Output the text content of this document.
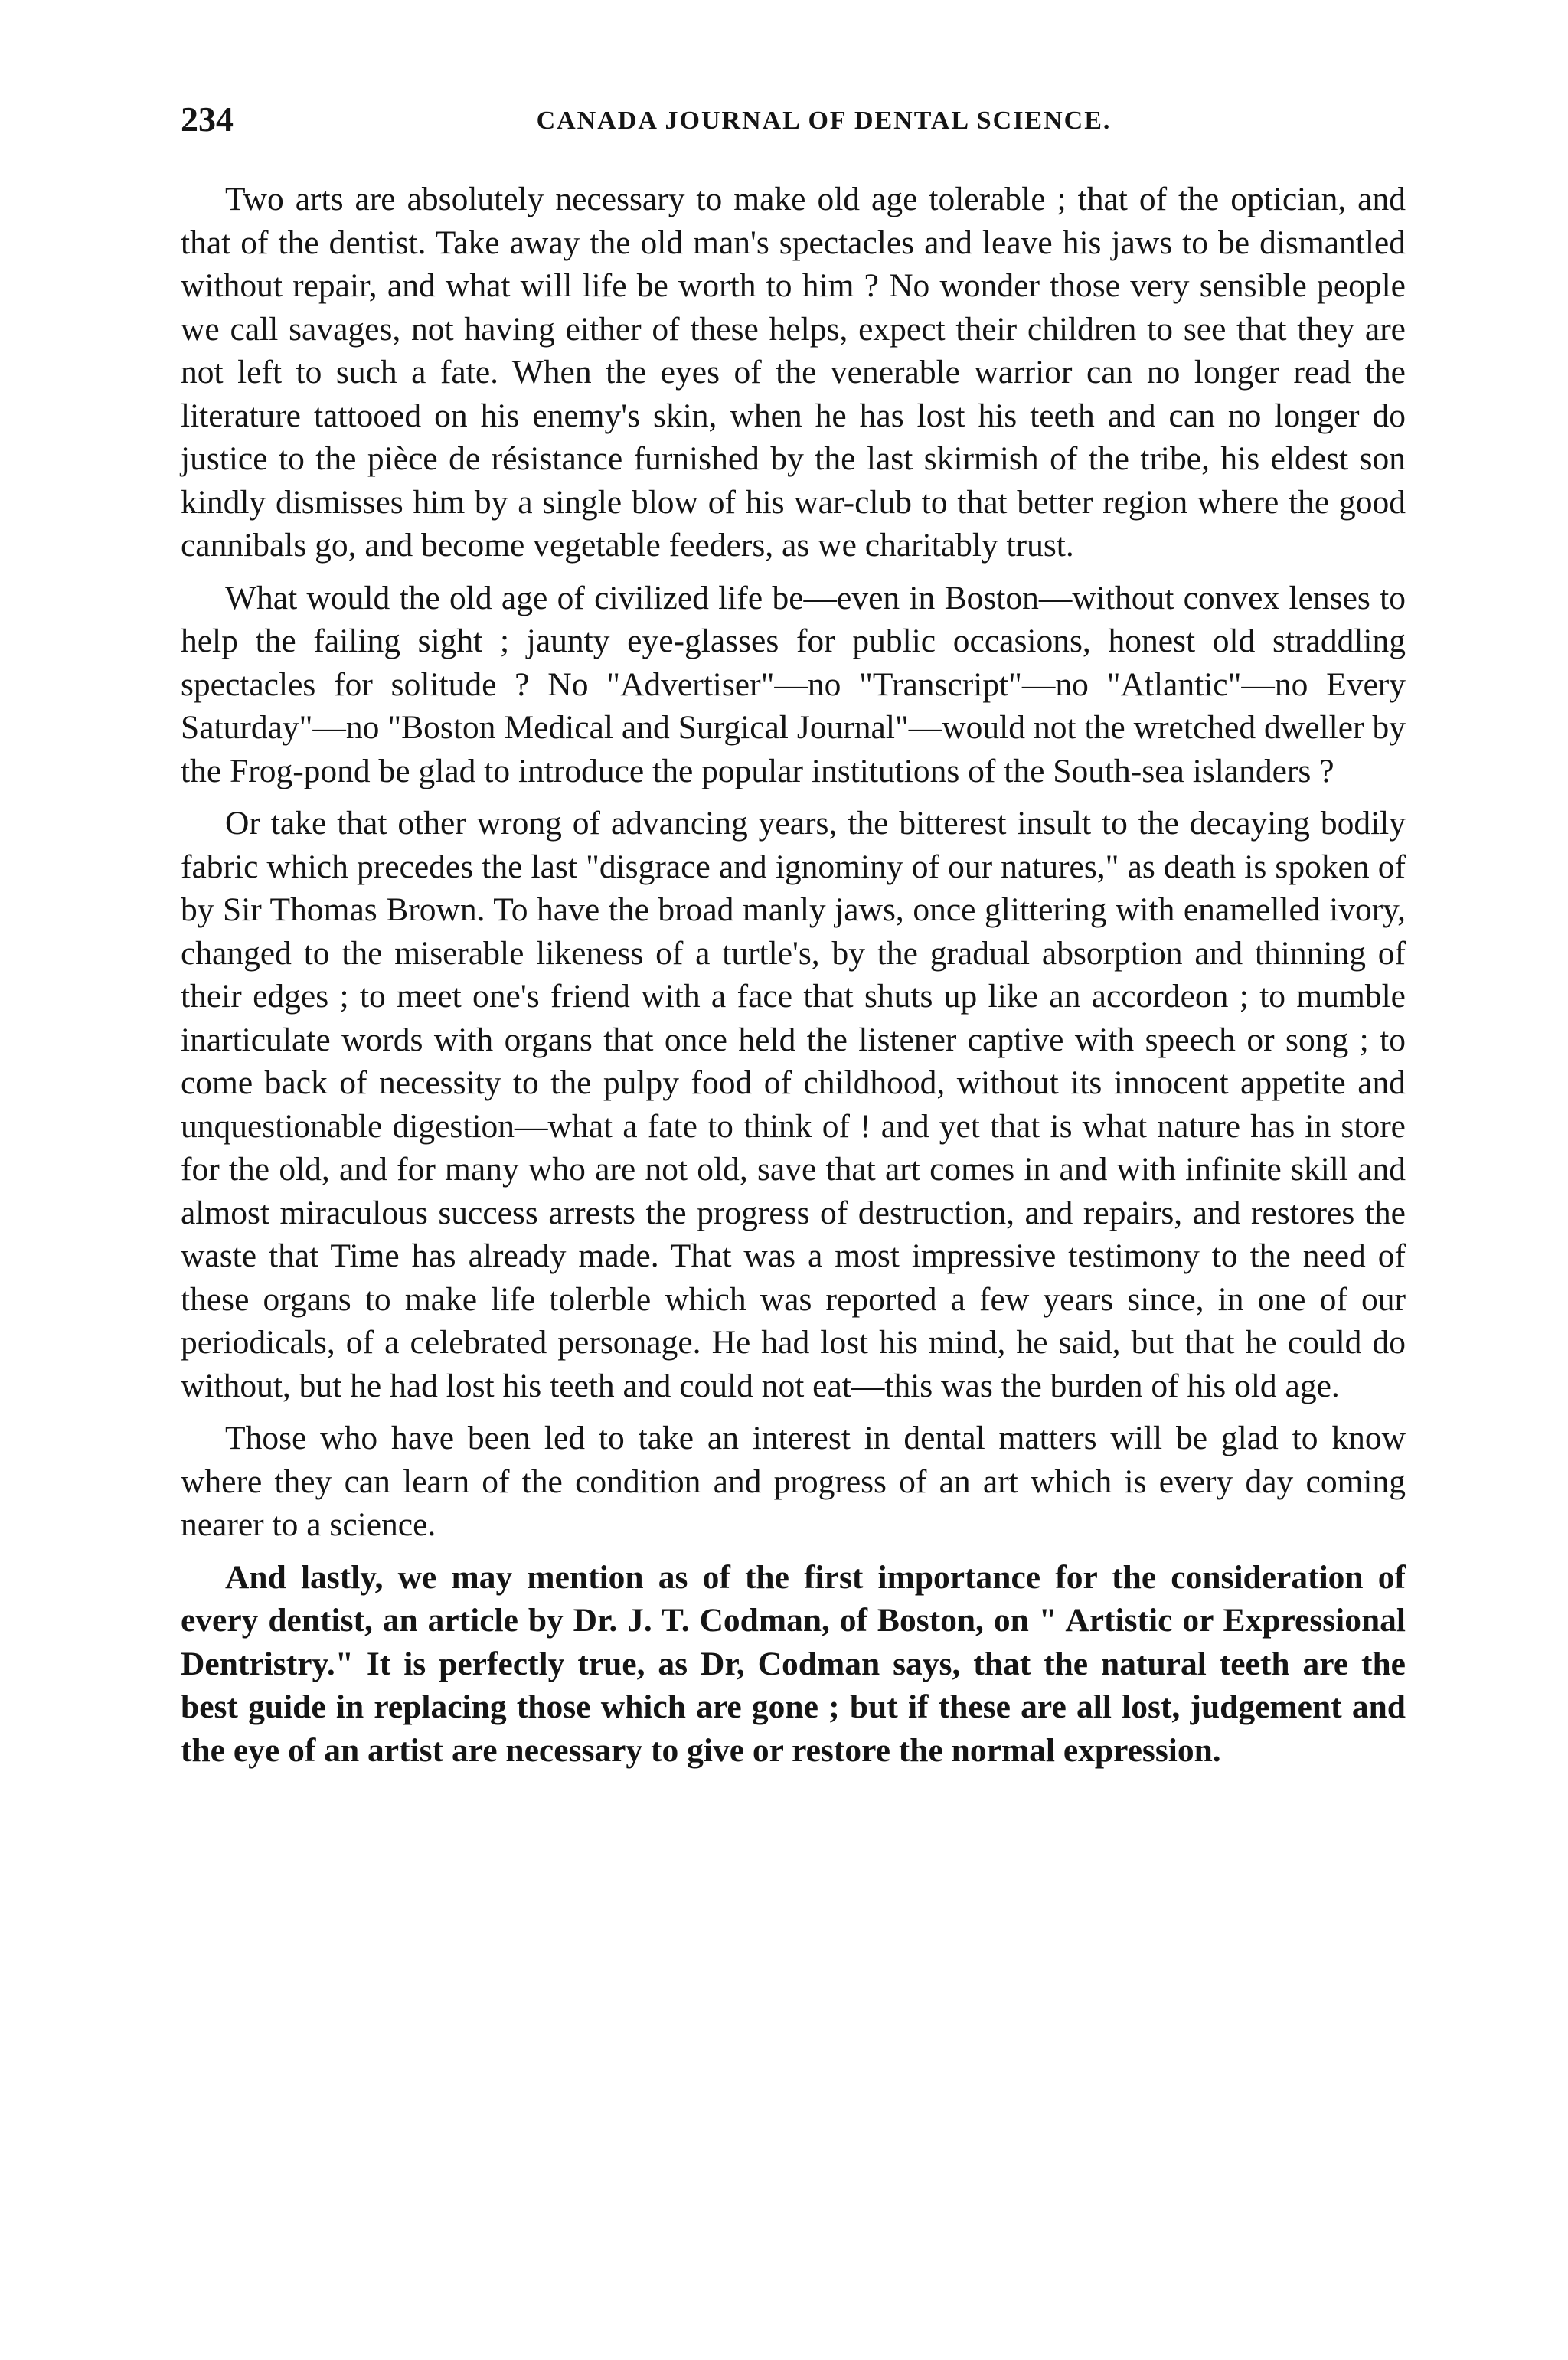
234	CANADA JOURNAL OF DENTAL SCIENCE.

Two arts are absolutely necessary to make old age tolerable ; that of the optician, and that of the dentist. Take away the old man's spectacles and leave his jaws to be dismantled without repair, and what will life be worth to him ? No wonder those very sensible people we call savages, not having either of these helps, expect their children to see that they are not left to such a fate. When the eyes of the venerable warrior can no longer read the literature tattooed on his enemy's skin, when he has lost his teeth and can no longer do justice to the pièce de résistance furnished by the last skirmish of the tribe, his eldest son kindly dismisses him by a single blow of his war-club to that better region where the good cannibals go, and become vegetable feeders, as we charitably trust.

What would the old age of civilized life be—even in Boston—without convex lenses to help the failing sight ; jaunty eye-glasses for public occasions, honest old straddling spectacles for solitude ? No "Advertiser"—no "Transcript"—no "Atlantic"—no Every Saturday"—no "Boston Medical and Surgical Journal"—would not the wretched dweller by the Frog-pond be glad to introduce the popular institutions of the South-sea islanders ?

Or take that other wrong of advancing years, the bitterest insult to the decaying bodily fabric which precedes the last "disgrace and ignominy of our natures," as death is spoken of by Sir Thomas Brown. To have the broad manly jaws, once glittering with enamelled ivory, changed to the miserable likeness of a turtle's, by the gradual absorption and thinning of their edges ; to meet one's friend with a face that shuts up like an accordeon ; to mumble inarticulate words with organs that once held the listener captive with speech or song ; to come back of necessity to the pulpy food of childhood, without its innocent appetite and unquestionable digestion—what a fate to think of ! and yet that is what nature has in store for the old, and for many who are not old, save that art comes in and with infinite skill and almost miraculous success arrests the progress of destruction, and repairs, and restores the waste that Time has already made. That was a most impressive testimony to the need of these organs to make life tolerble which was reported a few years since, in one of our periodicals, of a celebrated personage. He had lost his mind, he said, but that he could do without, but he had lost his teeth and could not eat—this was the burden of his old age.

Those who have been led to take an interest in dental matters will be glad to know where they can learn of the condition and progress of an art which is every day coming nearer to a science.

And lastly, we may mention as of the first importance for the consideration of every dentist, an article by Dr. J. T. Codman, of Boston, on " Artistic or Expressional Dentristry." It is perfectly true, as Dr, Codman says, that the natural teeth are the best guide in replacing those which are gone ; but if these are all lost, judgement and the eye of an artist are necessary to give or restore the normal expression.
